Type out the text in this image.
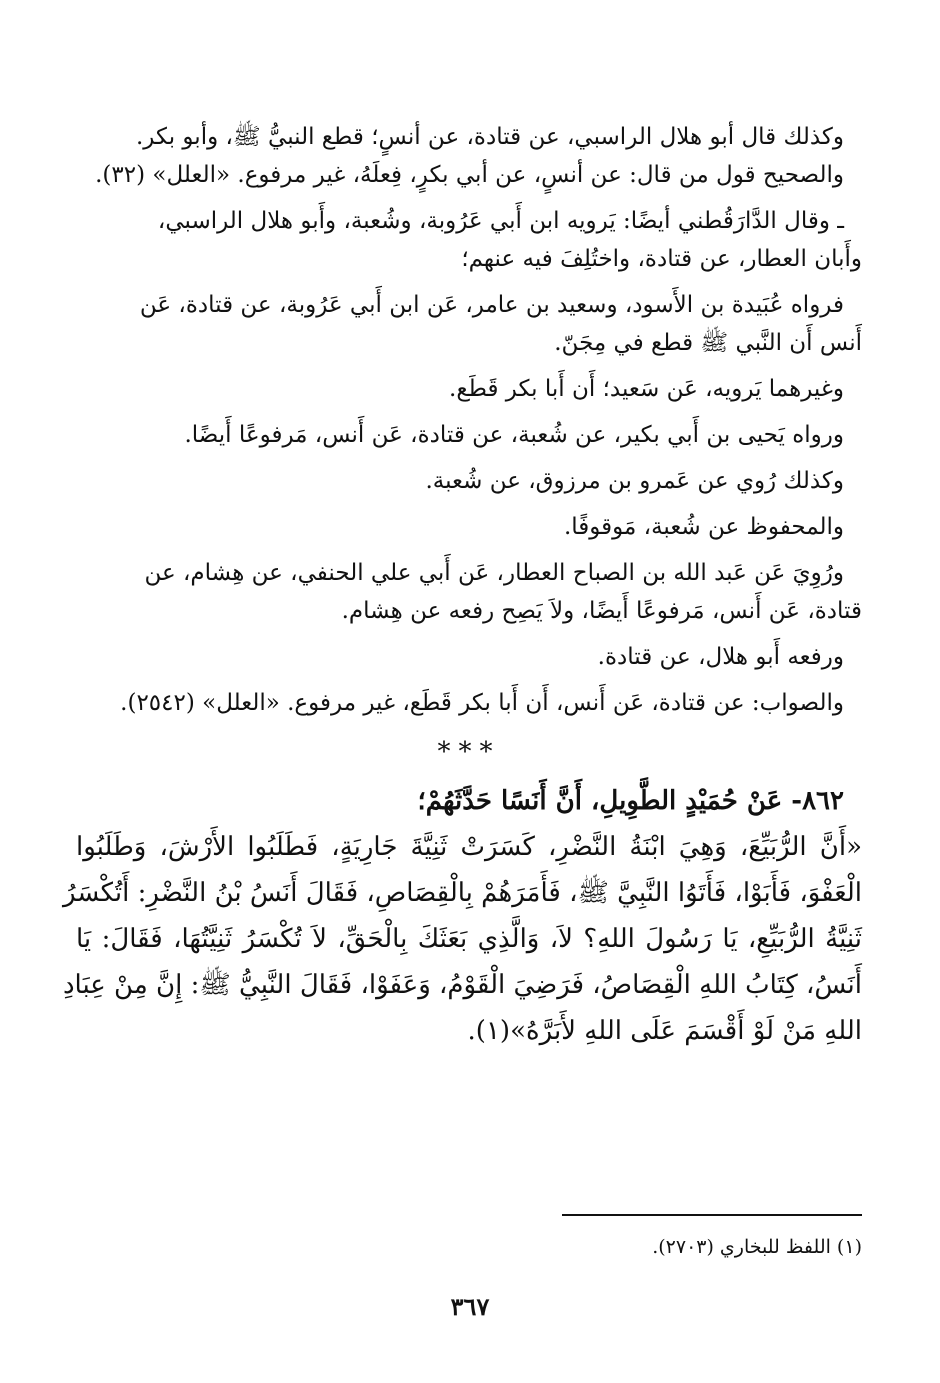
وكذلك قال أبو هلال الراسبي، عن قتادة، عن أنسٍ؛ قطع النبيُّ ﷺ، وأبو بكر.

والصحيح قول من قال: عن أنسٍ، عن أبي بكرٍ، فِعلَهُ، غير مرفوع. «العلل» (٣٢).

ـ وقال الدَّارَقُطني أيضًا: يَرويه ابن أَبي عَرُوبة، وشُعبة، وأَبو هلال الراسبي،

وأَبان العطار، عن قتادة، واختُلِفَ فيه عنهم؛

فرواه عُبَيدة بن الأَسود، وسعيد بن عامر، عَن ابن أَبي عَرُوبة، عن قتادة، عَن

أَنس أَن النَّبي ﷺ قطع في مِجَنّ.

وغيرهما يَرويه، عَن سَعيد؛ أَن أَبا بكر قَطَع.

ورواه يَحيى بن أَبي بكير، عن شُعبة، عن قتادة، عَن أَنس، مَرفوعًا أَيضًا.

وكذلك رُوي عن عَمرو بن مرزوق، عن شُعبة.

والمحفوظ عن شُعبة، مَوقوفًا.

ورُوِيَ عَن عَبد الله بن الصباح العطار، عَن أَبي علي الحنفي، عن هِشام، عن

قتادة، عَن أَنس، مَرفوعًا أَيضًا، ولاَ يَصِح رفعه عن هِشام.

ورفعه أَبو هلال، عن قتادة.

والصواب: عن قتادة، عَن أَنس، أَن أَبا بكر قَطَع، غير مرفوع. «العلل» (٢٥٤٢).

***

٨٦٢- عَنْ حُمَيْدٍ الطَّوِيلِ، أَنَّ أَنَسًا حَدَّثَهُمْ؛

«أَنَّ الرُّبَيِّعَ، وَهِيَ ابْنَةُ النَّضْرِ، كَسَرَتْ ثَنِيَّةَ جَارِيَةٍ، فَطَلَبُوا الأَرْشَ، وَطَلَبُوا

الْعَفْوَ، فَأَبَوْا، فَأَتَوُا النَّبِيَّ ﷺ، فَأَمَرَهُمْ بِالْقِصَاصِ، فَقَالَ أَنَسُ بْنُ النَّضْرِ: أَتُكْسَرُ

ثَنِيَّةُ الرُّبَيِّعِ، يَا رَسُولَ اللهِ؟ لاَ، وَالَّذِي بَعَثَكَ بِالْحَقِّ، لاَ تُكْسَرُ ثَنِيَّتُهَا، فَقَالَ: يَا

أَنَسُ، كِتَابُ اللهِ الْقِصَاصُ، فَرَضِيَ الْقَوْمُ، وَعَفَوْا، فَقَالَ النَّبِيُّ ﷺ: إِنَّ مِنْ عِبَادِ

اللهِ مَنْ لَوْ أَقْسَمَ عَلَى اللهِ لأَبَرَّهُ»(١).

(١) اللفظ للبخاري (٢٧٠٣).

٣٦٧
